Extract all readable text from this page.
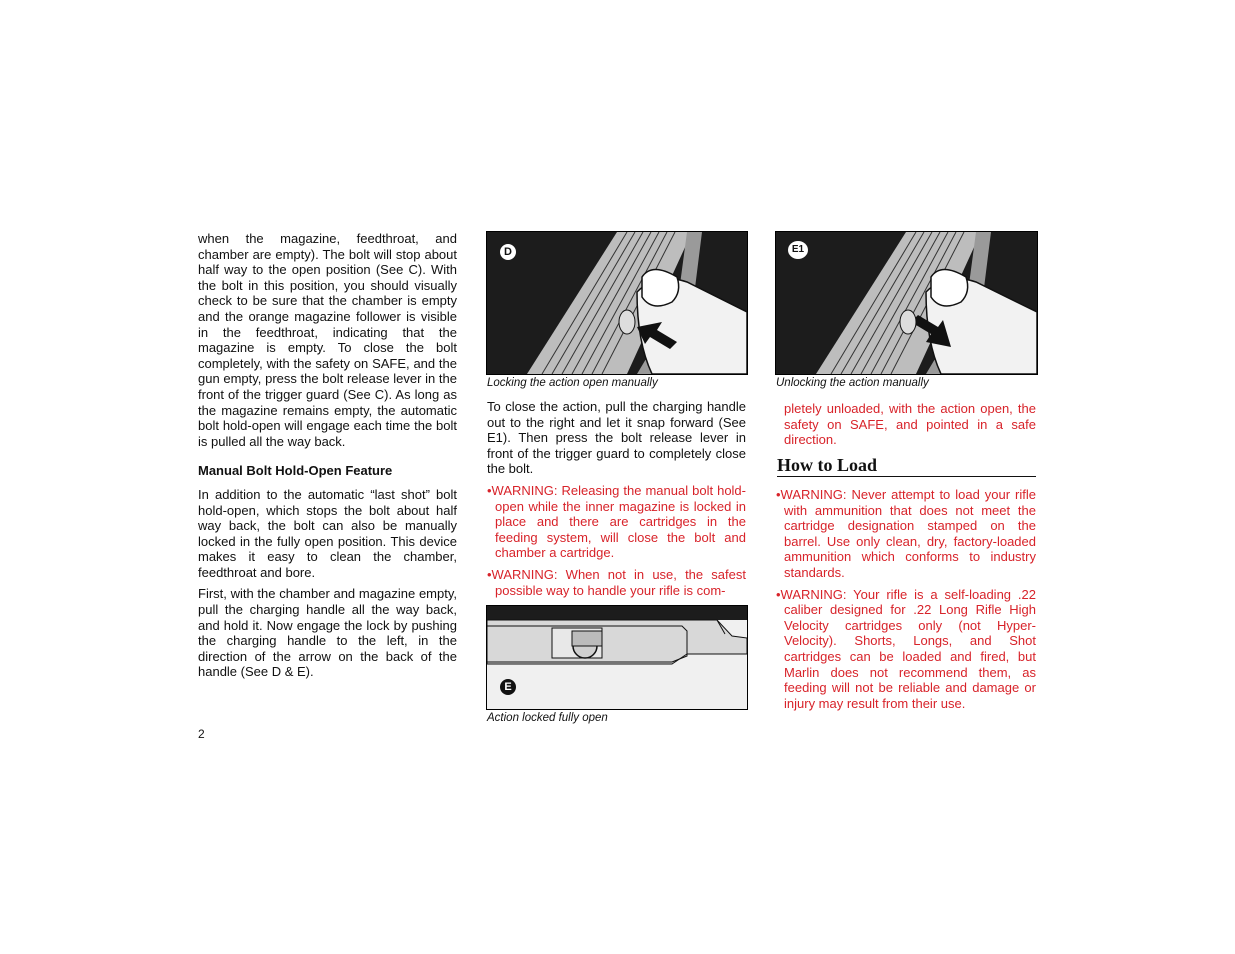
when the magazine, feedthroat, and chamber are empty). The bolt will stop about half way to the open position (See C). With the bolt in this position, you should visually check to be sure that the chamber is empty and the orange magazine follower is visible in the feedthroat, indicating that the magazine is empty. To close the bolt completely, with the safety on SAFE, and the gun empty, press the bolt release lever in the front of the trigger guard (See C). As long as the magazine remains empty, the automatic bolt hold-open will engage each time the bolt is pulled all the way back.

Manual Bolt Hold-Open Feature

In addition to the automatic “last shot” bolt hold-open, which stops the bolt about half way back, the bolt can also be manually locked in the fully open position. This device makes it easy to clean the chamber, feedthroat and bore.

First, with the chamber and magazine empty, pull the charging handle all the way back, and hold it. Now engage the lock by pushing the charging handle to the left, in the direction of the arrow on the back of the handle (See D & E).

D
Locking the action open manually

To close the action, pull the charging handle out to the right and let it snap forward (See E1). Then press the bolt release lever in front of the trigger guard to completely close the bolt.

•WARNING: Releasing the manual bolt hold-open while the inner magazine is locked in place and there are cartridges in the feeding system, will close the bolt and chamber a cartridge.

•WARNING: When not in use, the safest possible way to handle your rifle is com-

E
Action locked fully open
E1
Unlocking the action manually

pletely unloaded, with the action open, the safety on SAFE, and pointed in a safe direction.

How to Load

•WARNING: Never attempt to load your rifle with ammunition that does not meet the cartridge designation stamped on the barrel. Use only clean, dry, factory-loaded ammunition which conforms to industry standards.

•WARNING: Your rifle is a self-loading .22 caliber designed for .22 Long Rifle High Velocity cartridges only (not Hyper-Velocity). Shorts, Longs, and Shot cartridges can be loaded and fired, but Marlin does not recommend them, as feeding will not be reliable and damage or injury may result from their use.

2
